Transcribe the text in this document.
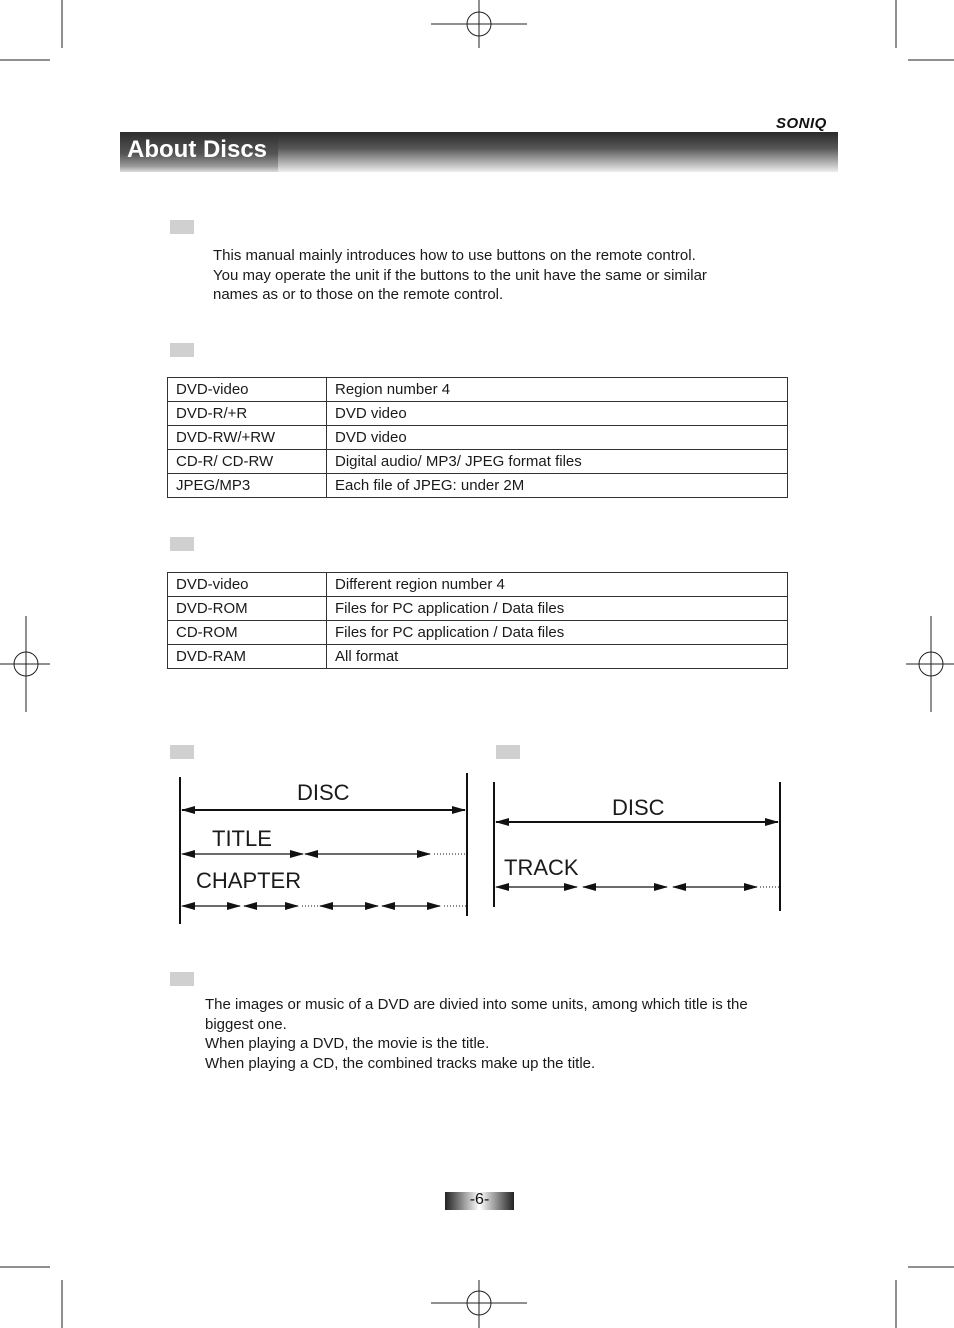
SONIQ
About Discs
This manual mainly introduces how to use buttons on the remote control.
You may operate the unit if the buttons to the unit have the same or similar
names as or to those on the remote control.
DVD-video	Region number 4
DVD-R/+R	DVD video
DVD-RW/+RW	DVD video
CD-R/ CD-RW	Digital audio/ MP3/ JPEG format files
JPEG/MP3	Each file of JPEG: under 2M
DVD-video	Different region number 4
DVD-ROM	Files for PC application / Data files
CD-ROM	Files for PC application / Data files
DVD-RAM	All format
DISC
TITLE
CHAPTER
DISC
TRACK
The images or music of a DVD are divied into some units, among which title is the
biggest one.
When playing a DVD, the movie is the title.
When playing a CD, the combined tracks make up the title.
-6-
